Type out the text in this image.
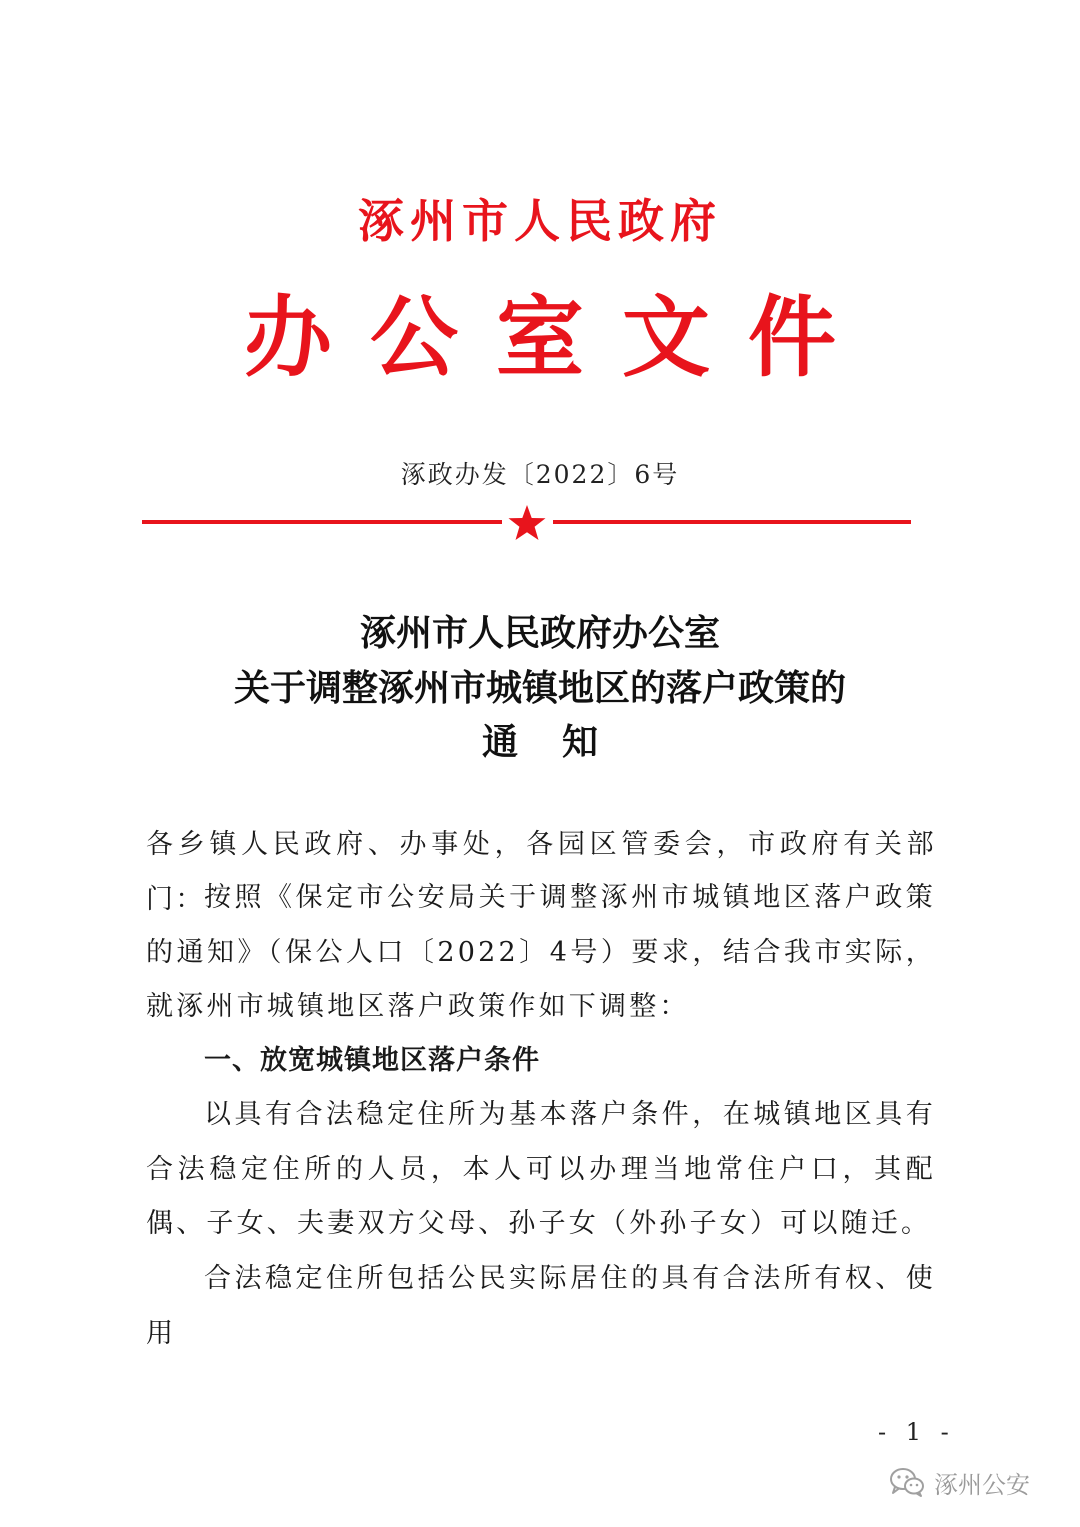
涿州市人民政府
办公室文件
涿政办发〔2022〕6号
涿州市人民政府办公室
关于调整涿州市城镇地区的落户政策的
通知
各乡镇人民政府、办事处，各园区管委会，市政府有关部门： 按照《保定市公安局关于调整涿州市城镇地区落户政策的通知》（保公人口〔2022〕4号）要求，结合我市实际，就涿州市城镇地区落户政策作如下调整：
一、放宽城镇地区落户条件
以具有合法稳定住所为基本落户条件，在城镇地区具有合法稳定住所的人员，本人可以办理当地常住户口，其配偶、子女、夫妻双方父母、孙子女（外孙子女）可以随迁。
合法稳定住所包括公民实际居住的具有合法所有权、使用
- 1 -
涿州公安
